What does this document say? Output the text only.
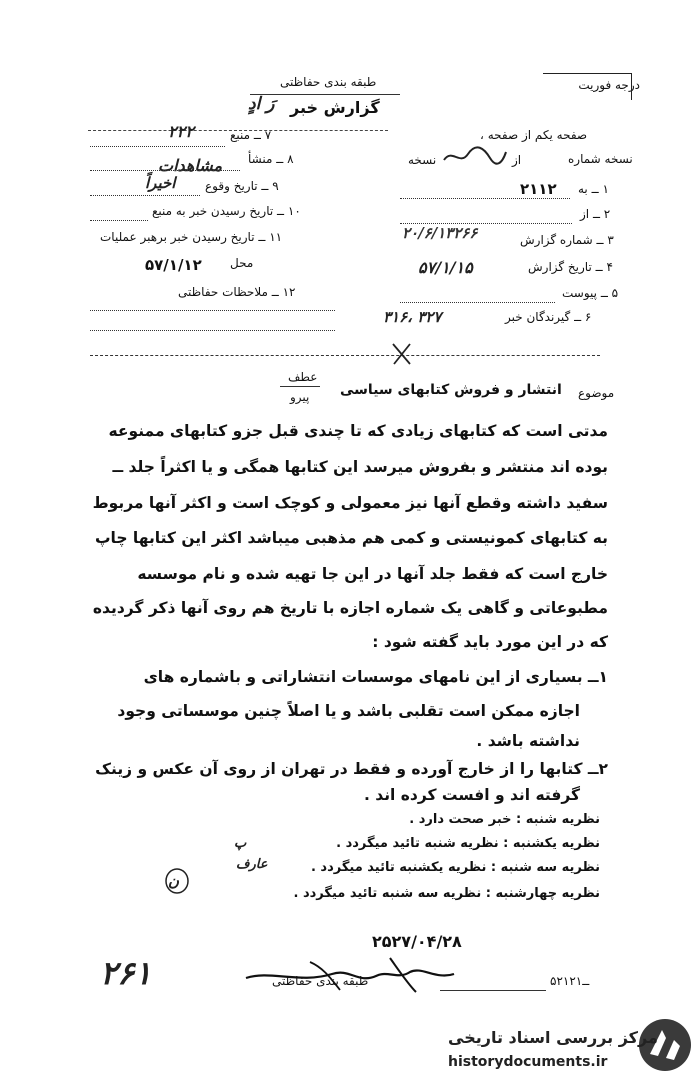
درجه فوریت
طبقه بندی حفاظتی
گزارش خبر
رَ ادٍ
۷ ــ منبع
۲۲۲
۸ ــ منشأ
مشاهدات
۹ ــ تاریخ وقوع
اخیراً
۱۰ ــ تاریخ رسیدن خبر به منبع
۱۱ ــ تاریخ رسیدن خبر برهبر عملیات
محل
۵۷/۱/۱۲
۱۲ ــ ملاحظات حفاظتی
صفحه یکم از صفحه ،
نسخه شماره
از
نسخه
۱ ــ به
۲۱۱۲
۲ ــ از
۳ ــ شماره گزارش
۲۰/۶/۱۳۲۶۶
۴ ــ تاریخ گزارش
۵۷/۱/۱۵
۵ ــ پیوست
۶ ــ گیرندگان خبر
۳۱۶، ۳۲۷
عطف
پیرو	موضوع
انتشار و فروش کتابهای سیاسی
مدتی است که کتابهای زیادی که تا چندی قبل جزو کتابهای ممنوعه
بوده اند منتشر و بفروش میرسد این کتابها همگی و یا اکثراً جلد ــ
سفید داشته وقطع آنها نیز معمولی و کوچک است و اکثر آنها مربوط
به کتابهای کمونیستی و کمی هم مذهبی میباشد اکثر این کتابها چاپ
خارج است که فقط جلد آنها در این جا تهیه شده و نام موسسه
مطبوعاتی و گاهی یک شماره اجازه با تاریخ هم روی آنها ذکر گردیده
که در این مورد باید گفته شود :
۱ــ بسیاری از این نامهای موسسات انتشاراتی و باشماره های
اجازه ممکن است تقلبی باشد و یا اصلاً چنین موسساتی وجود
نداشته باشد .
۲ــ کتابها را از خارج آورده و فقط در تهران از روی آن عکس و زینک
گرفته اند و افست کرده اند .
نظریه شنبه : خبر صحت دارد .
نظریه یکشنبه : نظریه شنبه تائید میگردد .
نظریه سه شنبه : نظریه یکشنبه تائید میگردد .
نظریه چهارشنبه : نظریه سه شنبه تائید میگردد .
پ
عارف
ن
۲۵۲۷/۰۴/۲۸
۲۶۱	طبقه بندی حفاظتی	۵۲ــ۱۲۱
مرکز بررسی اسناد تاریخی
historydocuments.ir
